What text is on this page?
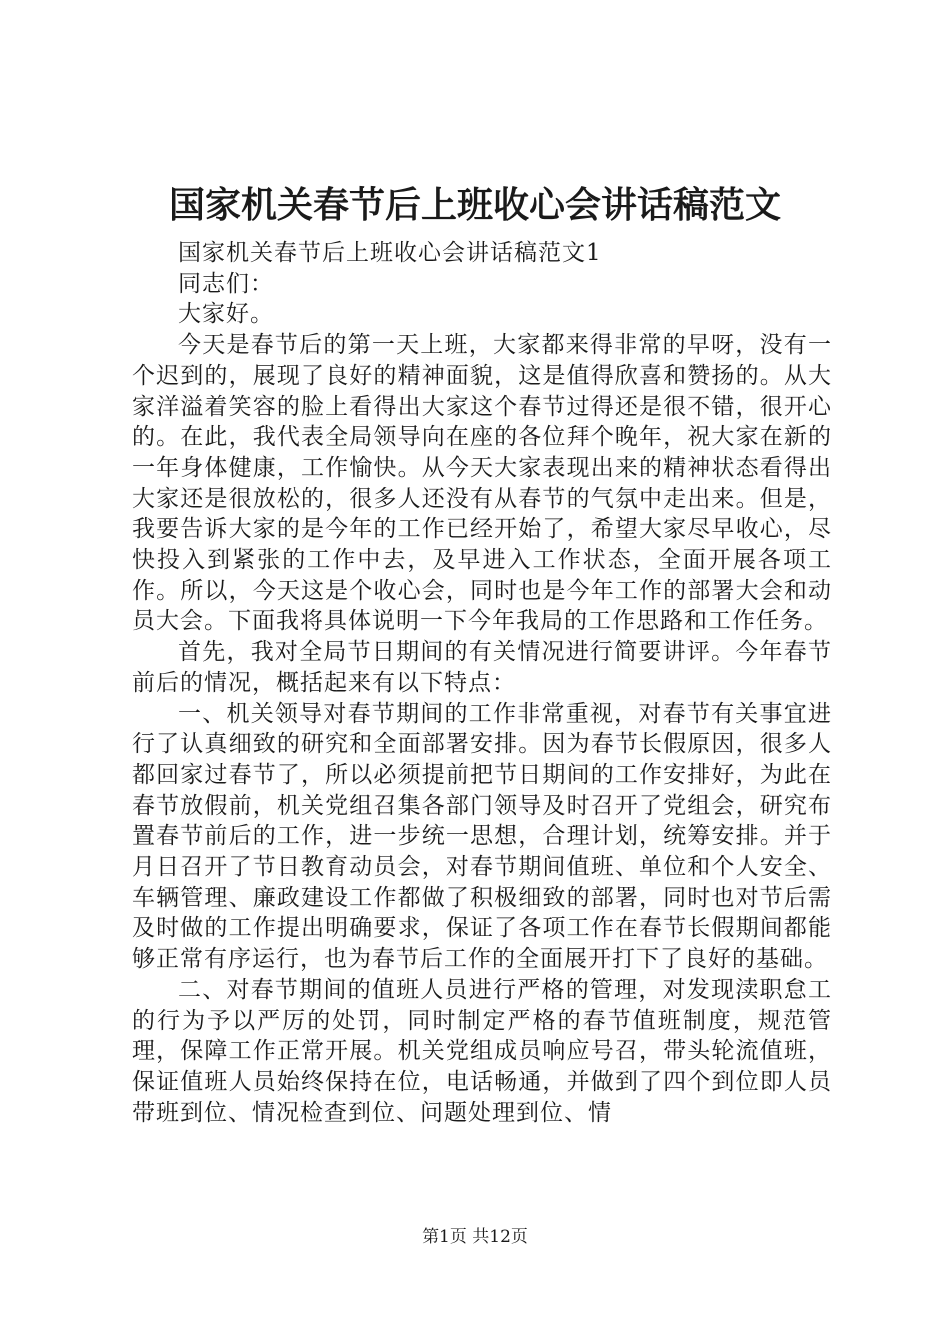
国家机关春节后上班收心会讲话稿范文

国家机关春节后上班收心会讲话稿范文1

同志们：

大家好。

今天是春节后的第一天上班，大家都来得非常的早呀，没有一个迟到的，展现了良好的精神面貌，这是值得欣喜和赞扬的。从大家洋溢着笑容的脸上看得出大家这个春节过得还是很不错，很开心的。在此，我代表全局领导向在座的各位拜个晚年，祝大家在新的一年身体健康，工作愉快。从今天大家表现出来的精神状态看得出大家还是很放松的，很多人还没有从春节的气氛中走出来。但是，我要告诉大家的是今年的工作已经开始了，希望大家尽早收心，尽快投入到紧张的工作中去，及早进入工作状态，全面开展各项工作。所以，今天这是个收心会，同时也是今年工作的部署大会和动员大会。下面我将具体说明一下今年我局的工作思路和工作任务。

首先，我对全局节日期间的有关情况进行简要讲评。今年春节前后的情况，概括起来有以下特点：

一、机关领导对春节期间的工作非常重视，对春节有关事宜进行了认真细致的研究和全面部署安排。因为春节长假原因，很多人都回家过春节了，所以必须提前把节日期间的工作安排好，为此在春节放假前，机关党组召集各部门领导及时召开了党组会，研究布置春节前后的工作，进一步统一思想，合理计划，统筹安排。并于月日召开了节日教育动员会，对春节期间值班、单位和个人安全、车辆管理、廉政建设工作都做了积极细致的部署，同时也对节后需及时做的工作提出明确要求，保证了各项工作在春节长假期间都能够正常有序运行，也为春节后工作的全面展开打下了良好的基础。

二、对春节期间的值班人员进行严格的管理，对发现渎职怠工的行为予以严厉的处罚，同时制定严格的春节值班制度，规范管理，保障工作正常开展。机关党组成员响应号召，带头轮流值班，保证值班人员始终保持在位，电话畅通，并做到了四个到位即人员带班到位、情况检查到位、问题处理到位、情

第1页 共12页
